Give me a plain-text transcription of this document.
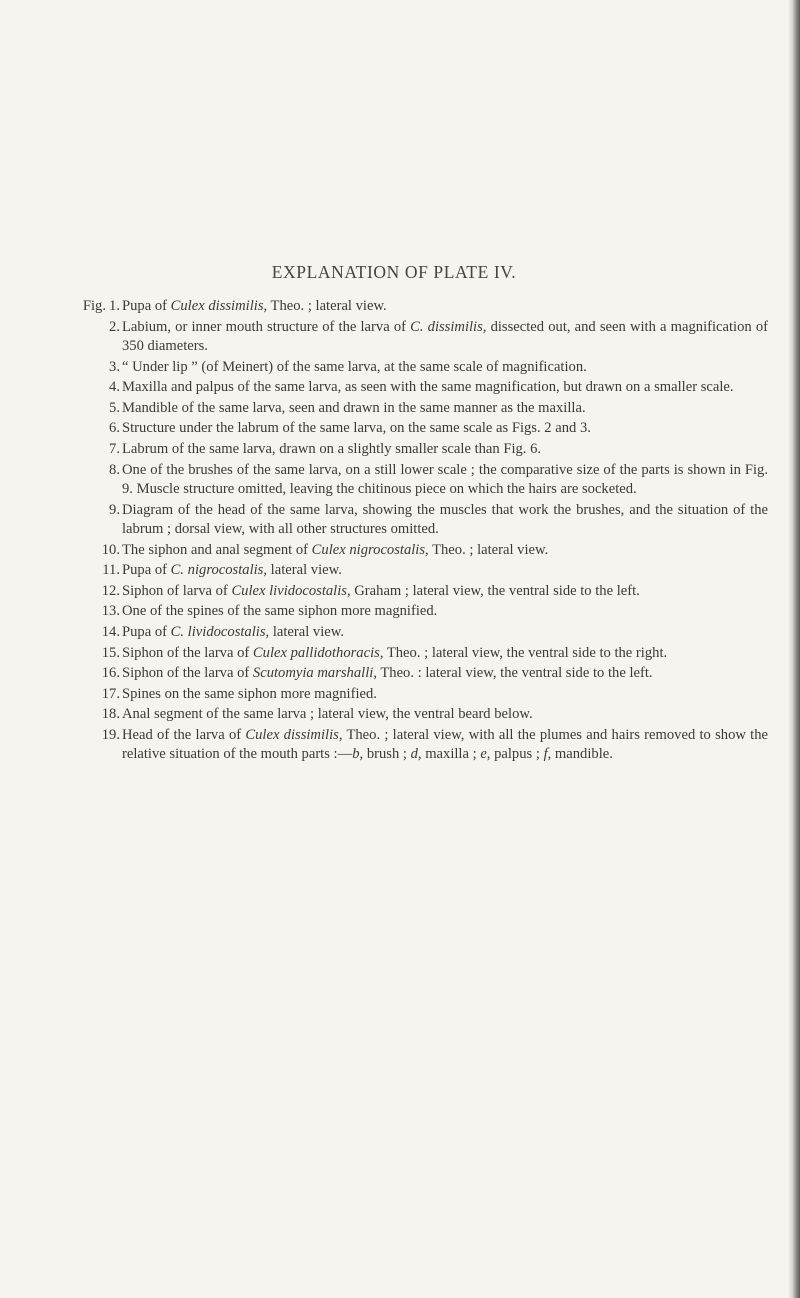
EXPLANATION OF PLATE IV.
Fig. 1. Pupa of Culex dissimilis, Theo. ; lateral view.
2. Labium, or inner mouth structure of the larva of C. dissimilis, dissected out, and seen with a magnification of 350 diameters.
3. “ Under lip ” (of Meinert) of the same larva, at the same scale of magnification.
4. Maxilla and palpus of the same larva, as seen with the same magnification, but drawn on a smaller scale.
5. Mandible of the same larva, seen and drawn in the same manner as the maxilla.
6. Structure under the labrum of the same larva, on the same scale as Figs. 2 and 3.
7. Labrum of the same larva, drawn on a slightly smaller scale than Fig. 6.
8. One of the brushes of the same larva, on a still lower scale ; the comparative size of the parts is shown in Fig. 9. Muscle structure omitted, leaving the chitinous piece on which the hairs are socketed.
9. Diagram of the head of the same larva, showing the muscles that work the brushes, and the situation of the labrum ; dorsal view, with all other structures omitted.
10. The siphon and anal segment of Culex nigrocostalis, Theo. ; lateral view.
11. Pupa of C. nigrocostalis, lateral view.
12. Siphon of larva of Culex lividocostalis, Graham ; lateral view, the ventral side to the left.
13. One of the spines of the same siphon more magnified.
14. Pupa of C. lividocostalis, lateral view.
15. Siphon of the larva of Culex pallidothoracis, Theo. ; lateral view, the ventral side to the right.
16. Siphon of the larva of Scutomyia marshalli, Theo. : lateral view, the ventral side to the left.
17. Spines on the same siphon more magnified.
18. Anal segment of the same larva ; lateral view, the ventral beard below.
19. Head of the larva of Culex dissimilis, Theo. ; lateral view, with all the plumes and hairs removed to show the relative situation of the mouth parts :—b, brush ; d, maxilla ; e, palpus ; f, mandible.
